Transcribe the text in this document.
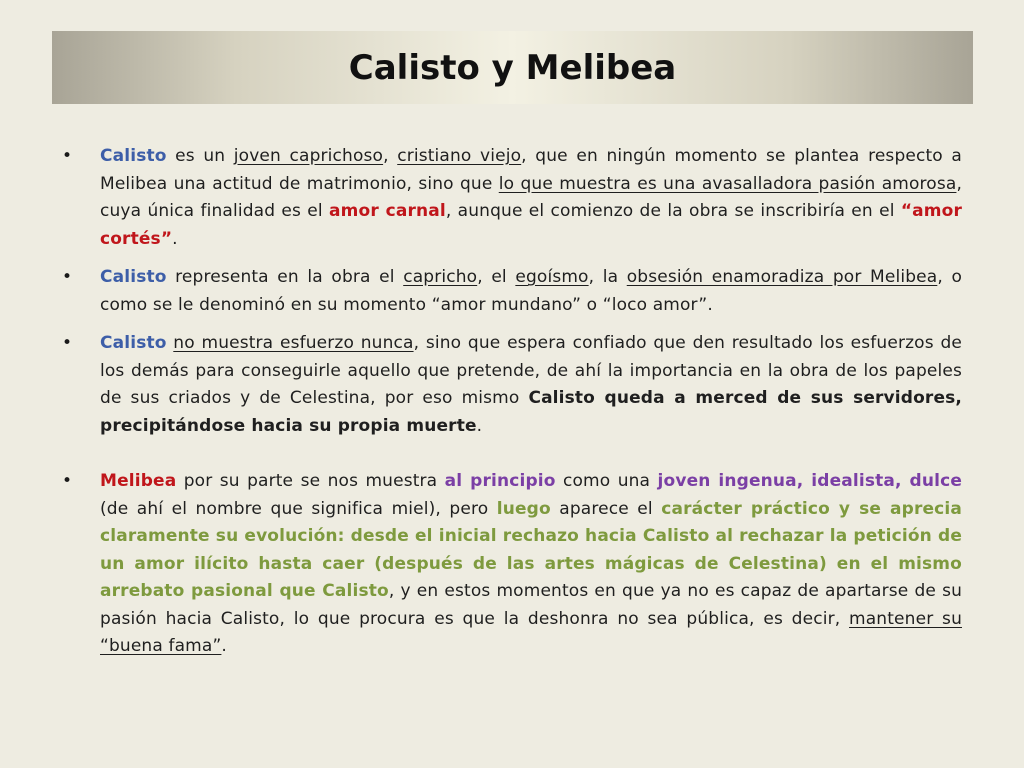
Calisto y Melibea
•	Calisto es un joven caprichoso, cristiano viejo, que en ningún momento se plantea respecto a Melibea una actitud de matrimonio, sino que lo que muestra es una avasalladora pasión amorosa, cuya única finalidad es el amor carnal, aunque el comienzo de la obra se inscribiría en el “amor cortés”.

•	Calisto representa en la obra el capricho, el egoísmo, la obsesión enamoradiza por Melibea, o como se le denominó en su momento “amor mundano” o “loco amor”.

•	Calisto no muestra esfuerzo nunca, sino que espera confiado que den resultado los esfuerzos de los demás para conseguirle aquello que pretende, de ahí la importancia en la obra de los papeles de sus criados y de Celestina, por eso mismo Calisto queda a merced de sus servidores, precipitándose hacia su propia muerte.

•	Melibea por su parte se nos muestra al principio como una joven ingenua, idealista, dulce (de ahí el nombre que significa miel), pero luego aparece el carácter práctico y se aprecia claramente su evolución: desde el inicial rechazo hacia Calisto al rechazar la petición de un amor ilícito hasta caer (después de las artes mágicas de Celestina) en el mismo arrebato pasional que Calisto, y en estos momentos en que ya no es capaz de apartarse de su pasión hacia Calisto, lo que procura es que la deshonra no sea pública, es decir, mantener su “buena fama”.
